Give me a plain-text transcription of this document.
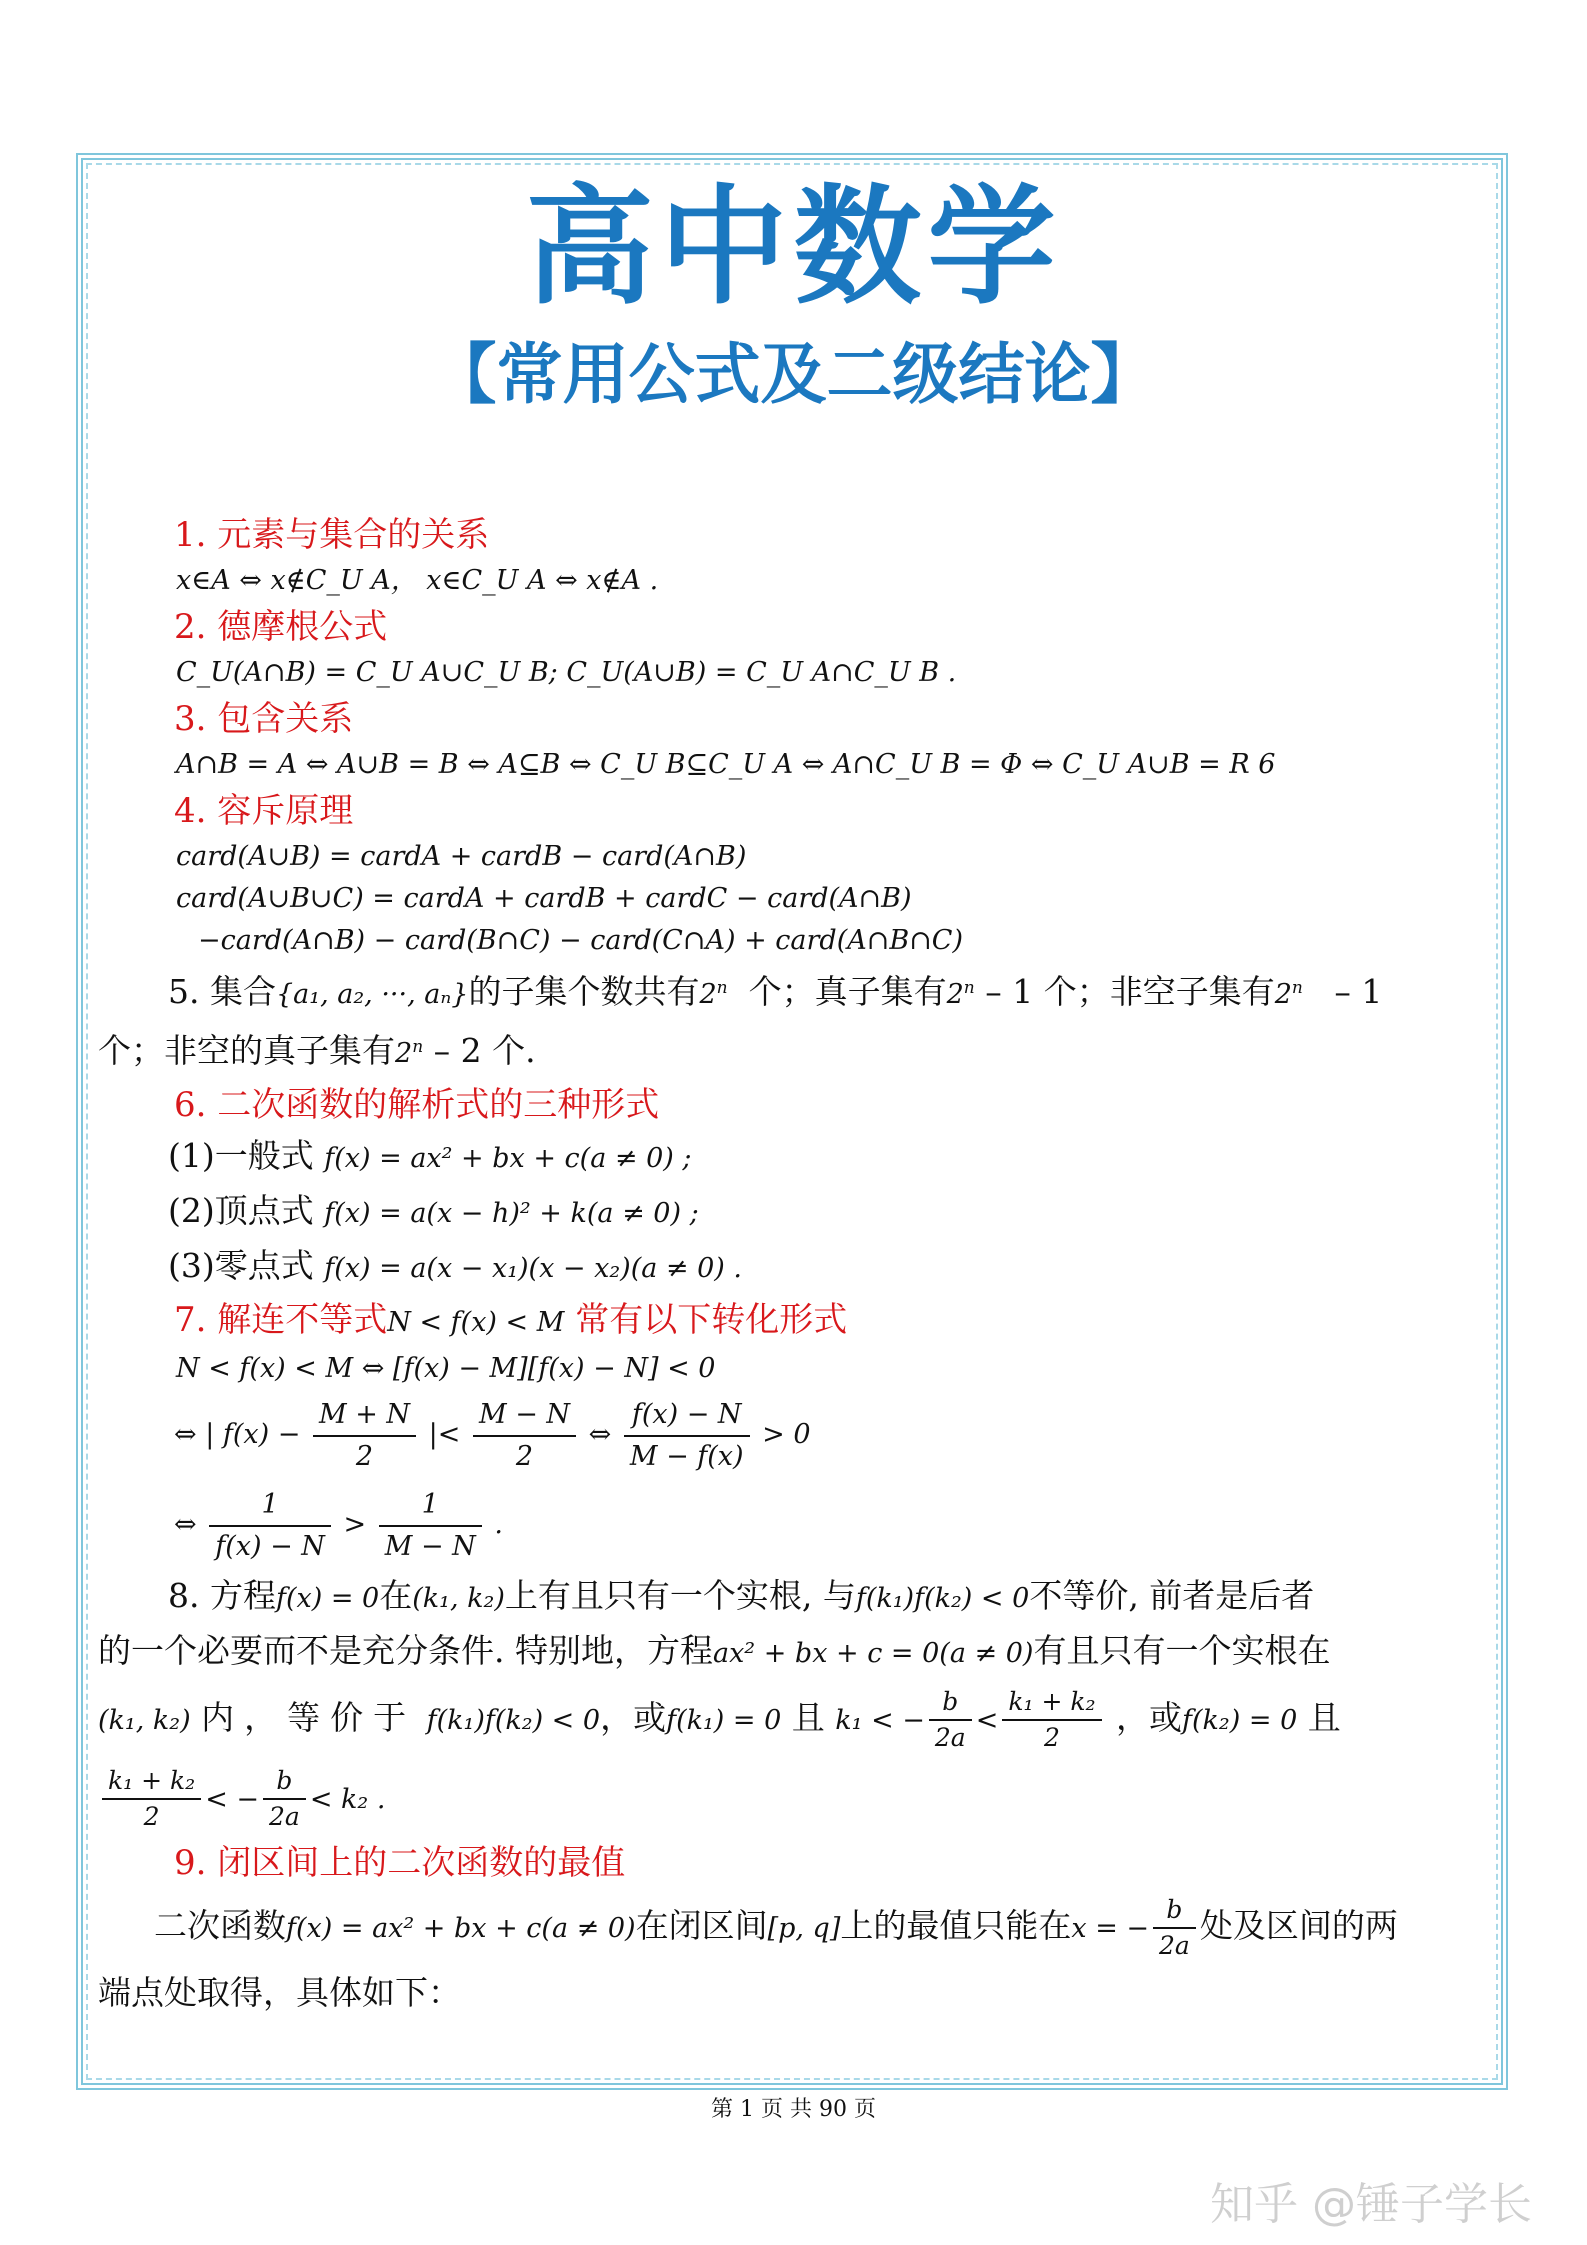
高中数学
【常用公式及二级结论】
1. 元素与集合的关系
x∈A ⇔ x∉C_U A， x∈C_U A ⇔ x∉A .
2. 德摩根公式
C_U(A∩B) = C_U A∪C_U B; C_U(A∪B) = C_U A∩C_U B .
3. 包含关系
A∩B = A ⇔ A∪B = B ⇔ A⊆B ⇔ C_U B⊆C_U A ⇔ A∩C_U B = Φ ⇔ C_U A∪B = R 6
4. 容斥原理
card(A∪B) = cardA + cardB − card(A∩B)
card(A∪B∪C) = cardA + cardB + cardC − card(A∩B)
−card(A∩B) − card(B∩C) − card(C∩A) + card(A∩B∩C)
5. 集合{a₁, a₂, ···, aₙ}的子集个数共有2$^n$ 个；真子集有2$^n$ – 1 个；非空子集有2$^n$ – 1
个；非空的真子集有2$^n$ – 2 个.
6. 二次函数的解析式的三种形式
(1)一般式 f(x) = ax² + bx + c(a ≠ 0) ;
(2)顶点式 f(x) = a(x − h)² + k(a ≠ 0) ;
(3)零点式 f(x) = a(x − x₁)(x − x₂)(a ≠ 0) .
7. 解连不等式N < f(x) < M 常有以下转化形式
N < f(x) < M ⇔ [f(x) − M][f(x) − N] < 0
⇔ | $f(x) - \frac{M + N}{2}$ |< $\frac{M - N}{2}$ ⇔ $\frac{f(x) - N}{M - f(x)} > 0$
⇔ $\frac{1}{f(x) - N} > \frac{1}{M - N}$ .
8. 方程f(x) = 0在(k₁, k₂)上有且只有一个实根, 与f(k₁)f(k₂) < 0不等价, 前者是后者
的一个必要而不是充分条件. 特别地，方程ax² + bx + c = 0(a ≠ 0)有且只有一个实根在
(k₁, k₂) 内，等价于 f(k₁)f(k₂) < 0，或f(k₁) = 0 且 k₁ < − $\frac{b}{2a} < \frac{\text{k₁ + k₂}}{2}$ ，或f(k₂) = 0 且
$\frac{\text{k₁ + k₂}}{2}$ < − $\frac{b}{2a} < k_2$ .
9. 闭区间上的二次函数的最值
二次函数f(x) = ax² + bx + c(a ≠ 0)在闭区间[p, q]上的最值只能在x = − $\frac{b}{2a}$ 处及区间的两
端点处取得，具体如下：
第 1 页 共 90 页
知乎 @锤子学长
